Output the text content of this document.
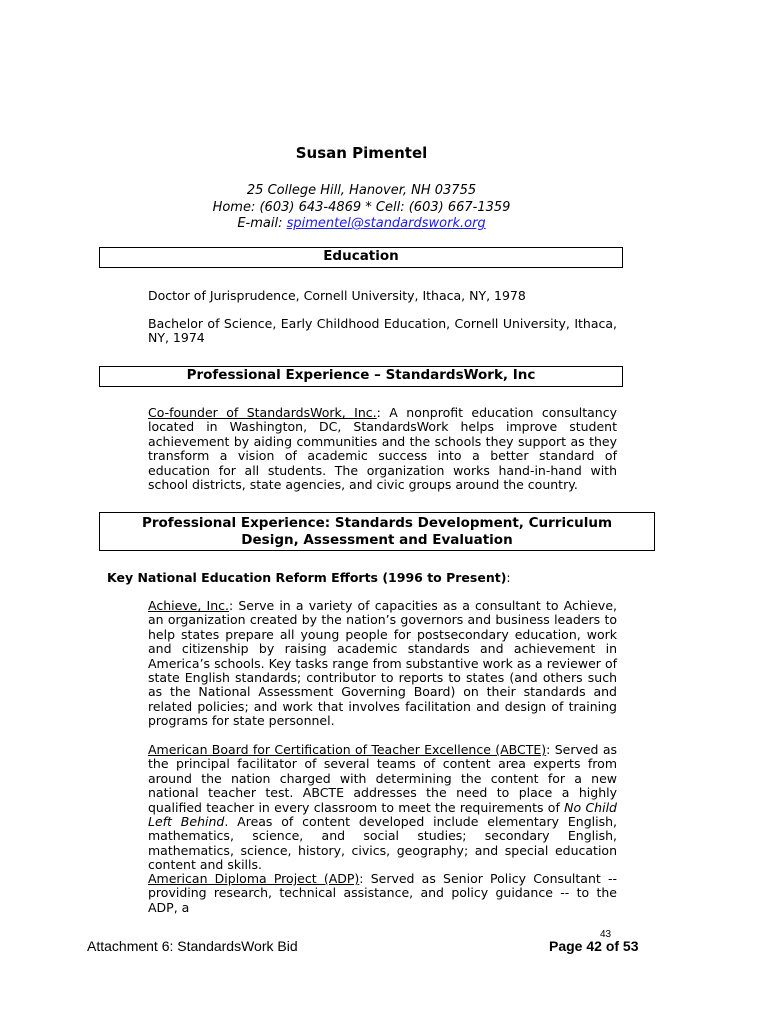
Susan Pimentel
25 College Hill, Hanover, NH 03755
Home: (603) 643-4869 * Cell: (603) 667-1359
E-mail: spimentel@standardswork.org
Education
Doctor of Jurisprudence, Cornell University, Ithaca, NY, 1978
Bachelor of Science, Early Childhood Education, Cornell University, Ithaca, NY, 1974
Professional Experience – StandardsWork, Inc
Co-founder of StandardsWork, Inc.: A nonprofit education consultancy located in Washington, DC, StandardsWork helps improve student achievement by aiding communities and the schools they support as they transform a vision of academic success into a better standard of education for all students. The organization works hand-in-hand with school districts, state agencies, and civic groups around the country.
Professional Experience: Standards Development, Curriculum
Design, Assessment and Evaluation
Key National Education Reform Efforts (1996 to Present):
Achieve, Inc.: Serve in a variety of capacities as a consultant to Achieve, an organization created by the nation’s governors and business leaders to help states prepare all young people for postsecondary education, work and citizenship by raising academic standards and achievement in America’s schools. Key tasks range from substantive work as a reviewer of state English standards; contributor to reports to states (and others such as the National Assessment Governing Board) on their standards and related policies; and work that involves facilitation and design of training programs for state personnel.
American Board for Certification of Teacher Excellence (ABCTE): Served as the principal facilitator of several teams of content area experts from around the nation charged with determining the content for a new national teacher test. ABCTE addresses the need to place a highly qualified teacher in every classroom to meet the requirements of No Child Left Behind. Areas of content developed include elementary English, mathematics, science, and social studies; secondary English, mathematics, science, history, civics, geography; and special education content and skills.
American Diploma Project (ADP): Served as Senior Policy Consultant -- providing research, technical assistance, and policy guidance -- to the ADP, a
Attachment 6: StandardsWork Bid
43
Page 42 of 53
